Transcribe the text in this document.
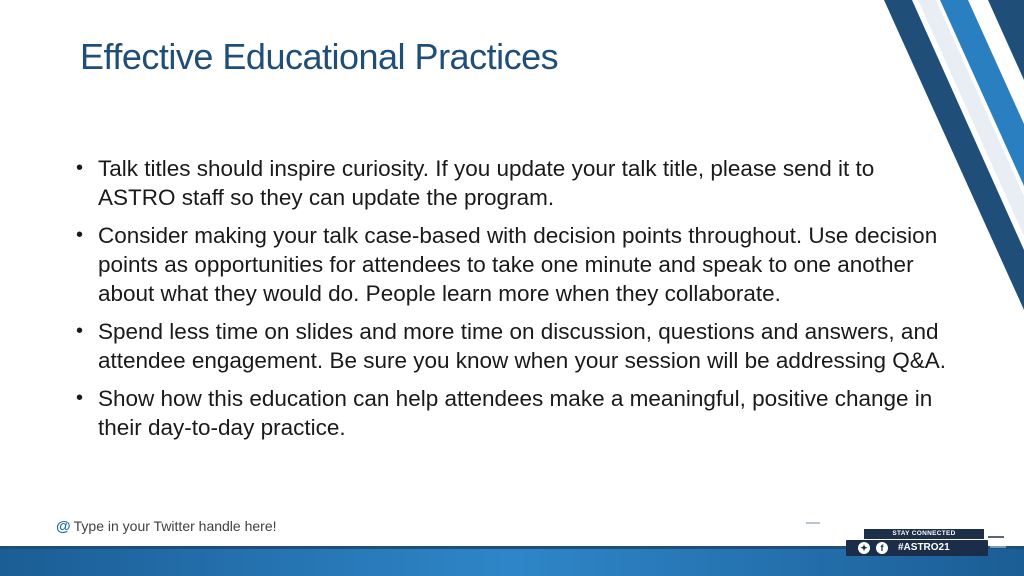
Effective Educational Practices
• Talk titles should inspire curiosity. If you update your talk title, please send it to ASTRO staff so they can update the program.
• Consider making your talk case-based with decision points throughout. Use decision points as opportunities for attendees to take one minute and speak to one another about what they would do. People learn more when they collaborate.
• Spend less time on slides and more time on discussion, questions and answers, and attendee engagement. Be sure you know when your session will be addressing Q&A.
• Show how this education can help attendees make a meaningful, positive change in their day-to-day practice.
@ Type in your Twitter handle here!	STAY CONNECTED
✦	f	#ASTRO21
